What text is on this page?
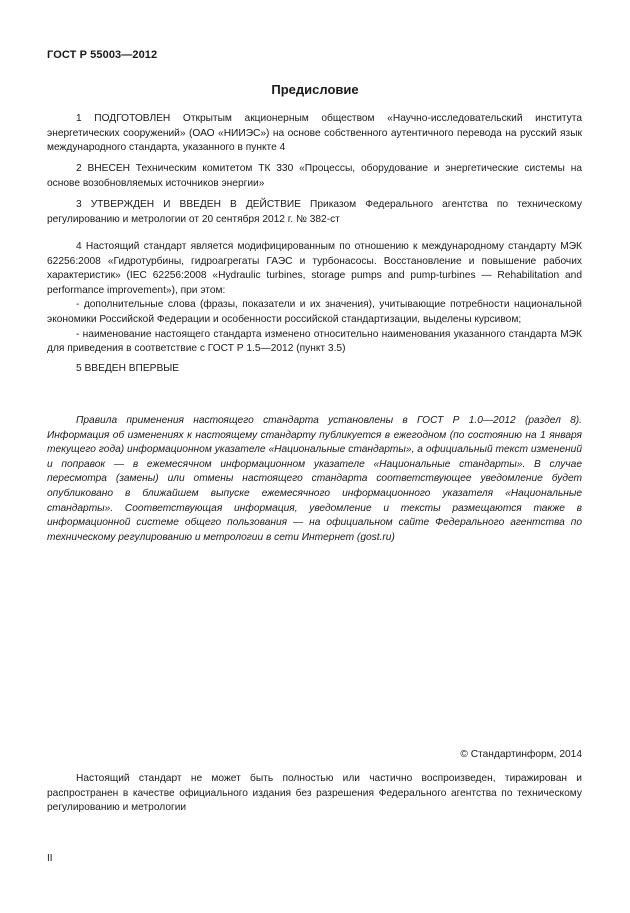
ГОСТ Р 55003—2012
Предисловие

1 ПОДГОТОВЛЕН Открытым акционерным обществом «Научно-исследовательский института энергетических сооружений» (ОАО «НИИЭС») на основе собственного аутентичного перевода на русский язык международного стандарта, указанного в пункте 4

2 ВНЕСЕН Техническим комитетом ТК 330 «Процессы, оборудование и энергетические системы на основе возобновляемых источников энергии»

3 УТВЕРЖДЕН И ВВЕДЕН В ДЕЙСТВИЕ Приказом Федерального агентства по техническому регулированию и метрологии от 20 сентября 2012 г. № 382-ст

4 Настоящий стандарт является модифицированным по отношению к международному стандарту МЭК 62256:2008 «Гидротурбины, гидроагрегаты ГАЭС и турбонасосы. Восстановление и повышение рабочих характеристик» (IEC 62256:2008 «Hydraulic turbines, storage pumps and pump-turbines — Rehabilitation and performance improvement»), при этом:

- дополнительные слова (фразы, показатели и их значения), учитывающие потребности национальной экономики Российской Федерации и особенности российской стандартизации, выделены курсивом;

- наименование настоящего стандарта изменено относительно наименования указанного стандарта МЭК для приведения в соответствие с ГОСТ Р 1.5—2012 (пункт 3.5)

5 ВВЕДЕН ВПЕРВЫЕ

Правила применения настоящего стандарта установлены в ГОСТ Р 1.0—2012 (раздел 8). Информация об изменениях к настоящему стандарту публикуется в ежегодном (по состоянию на 1 января текущего года) информационном указателе «Национальные стандарты», а официальный текст изменений и поправок — в ежемесячном информационном указателе «Национальные стандарты». В случае пересмотра (замены) или отмены настоящего стандарта соответствующее уведомление будет опубликовано в ближайшем выпуске ежемесячного информационного указателя «Национальные стандарты». Соответствующая информация, уведомление и тексты размещаются также в информационной системе общего пользования — на официальном сайте Федерального агентства по техническому регулированию и метрологии в сети Интернет (gost.ru)

© Стандартинформ, 2014

Настоящий стандарт не может быть полностью или частично воспроизведен, тиражирован и распространен в качестве официального издания без разрешения Федерального агентства по техническому регулированию и метрологии

II
